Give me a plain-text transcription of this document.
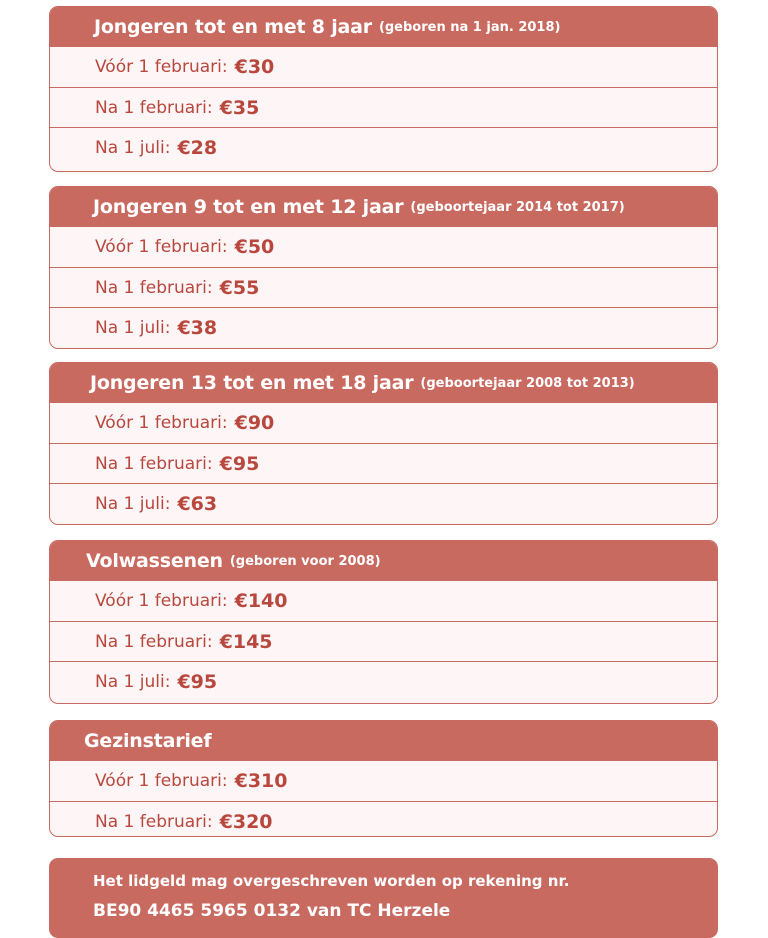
Jongeren tot en met 8 jaar (geboren na 1 jan. 2018)
Vóór 1 februari: €30
Na 1 februari: €35
Na 1 juli: €28
Jongeren 9 tot en met 12 jaar (geboortejaar 2014 tot 2017)
Vóór 1 februari: €50
Na 1 februari: €55
Na 1 juli: €38
Jongeren 13 tot en met 18 jaar (geboortejaar 2008 tot 2013)
Vóór 1 februari: €90
Na 1 februari: €95
Na 1 juli: €63
Volwassenen (geboren voor 2008)
Vóór 1 februari: €140
Na 1 februari: €145
Na 1 juli: €95
Gezinstarief
Vóór 1 februari: €310
Na 1 februari: €320
Het lidgeld mag overgeschreven worden op rekening nr.
BE90 4465 5965 0132 van TC Herzele
